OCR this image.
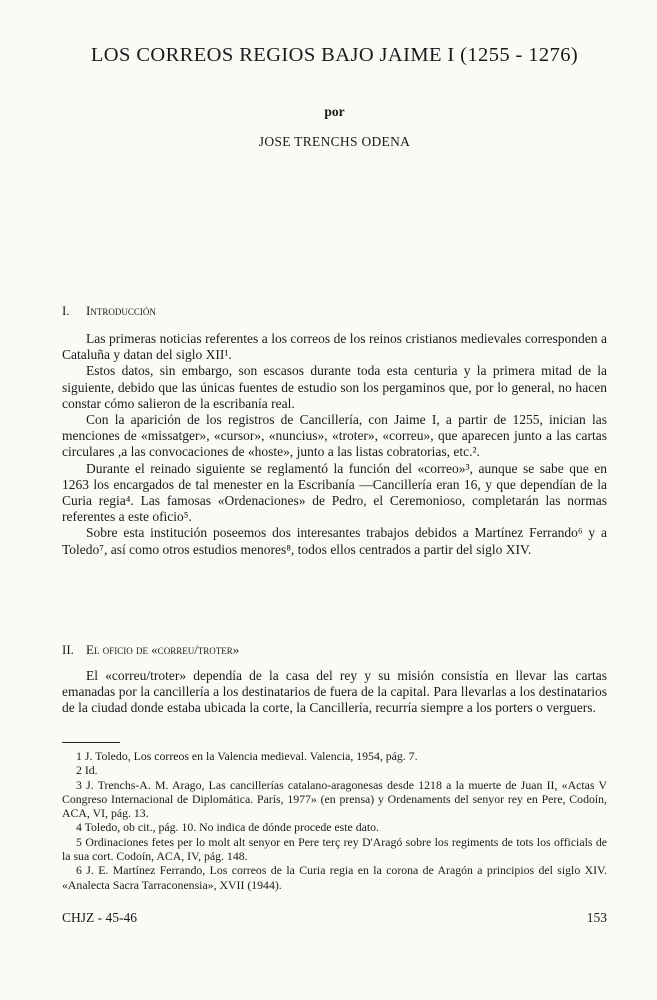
LOS CORREOS REGIOS BAJO JAIME I (1255 - 1276)
por
JOSE TRENCHS ODENA
I. Introducción

Las primeras noticias referentes a los correos de los reinos cristianos medievales corresponden a Cataluña y datan del siglo XII¹.

Estos datos, sin embargo, son escasos durante toda esta centuria y la primera mitad de la siguiente, debido que las únicas fuentes de estudio son los pergaminos que, por lo general, no hacen constar cómo salieron de la escribanía real.

Con la aparición de los registros de Cancillería, con Jaime I, a partir de 1255, inician las menciones de «missatger», «cursor», «nuncius», «troter», «correu», que aparecen junto a las cartas circulares ,a las convocaciones de «hoste», junto a las listas cobratorias, etc.².

Durante el reinado siguiente se reglamentó la función del «correo»³, aunque se sabe que en 1263 los encargados de tal menester en la Escribanía —Cancillería eran 16, y que dependían de la Curia regia⁴. Las famosas «Ordenaciones» de Pedro, el Ceremonioso, completarán las normas referentes a este oficio⁵.

Sobre esta institución poseemos dos interesantes trabajos debidos a Martínez Ferrando⁶ y a Toledo⁷, así como otros estudios menores⁸, todos ellos centrados a partir del siglo XIV.

II. El oficio de «correu/troter»

El «correu/troter» dependía de la casa del rey y su misión consistía en llevar las cartas emanadas por la cancillería a los destinatarios de fuera de la capital. Para llevarlas a los destinatarios de la ciudad donde estaba ubicada la corte, la Cancillería, recurría siempre a los porters o verguers.

1 J. Toledo, Los correos en la Valencia medieval. Valencia, 1954, pág. 7.

2 Id.

3 J. Trenchs-A. M. Arago, Las cancillerías catalano-aragonesas desde 1218 a la muerte de Juan II, «Actas V Congreso Internacional de Diplomática. París, 1977» (en prensa) y Ordenaments del senyor rey en Pere, Codoín, ACA, VI, pág. 13.

4 Toledo, ob cit., pág. 10. No indica de dónde procede este dato.

5 Ordinaciones fetes per lo molt alt senyor en Pere terç rey D'Aragó sobre los regiments de tots los officials de la sua cort. Codoín, ACA, IV, pág. 148.

6 J. E. Martínez Ferrando, Los correos de la Curia regia en la corona de Aragón a principios del siglo XIV. «Analecta Sacra Tarraconensia», XVII (1944).

CHJZ - 45-46	153
